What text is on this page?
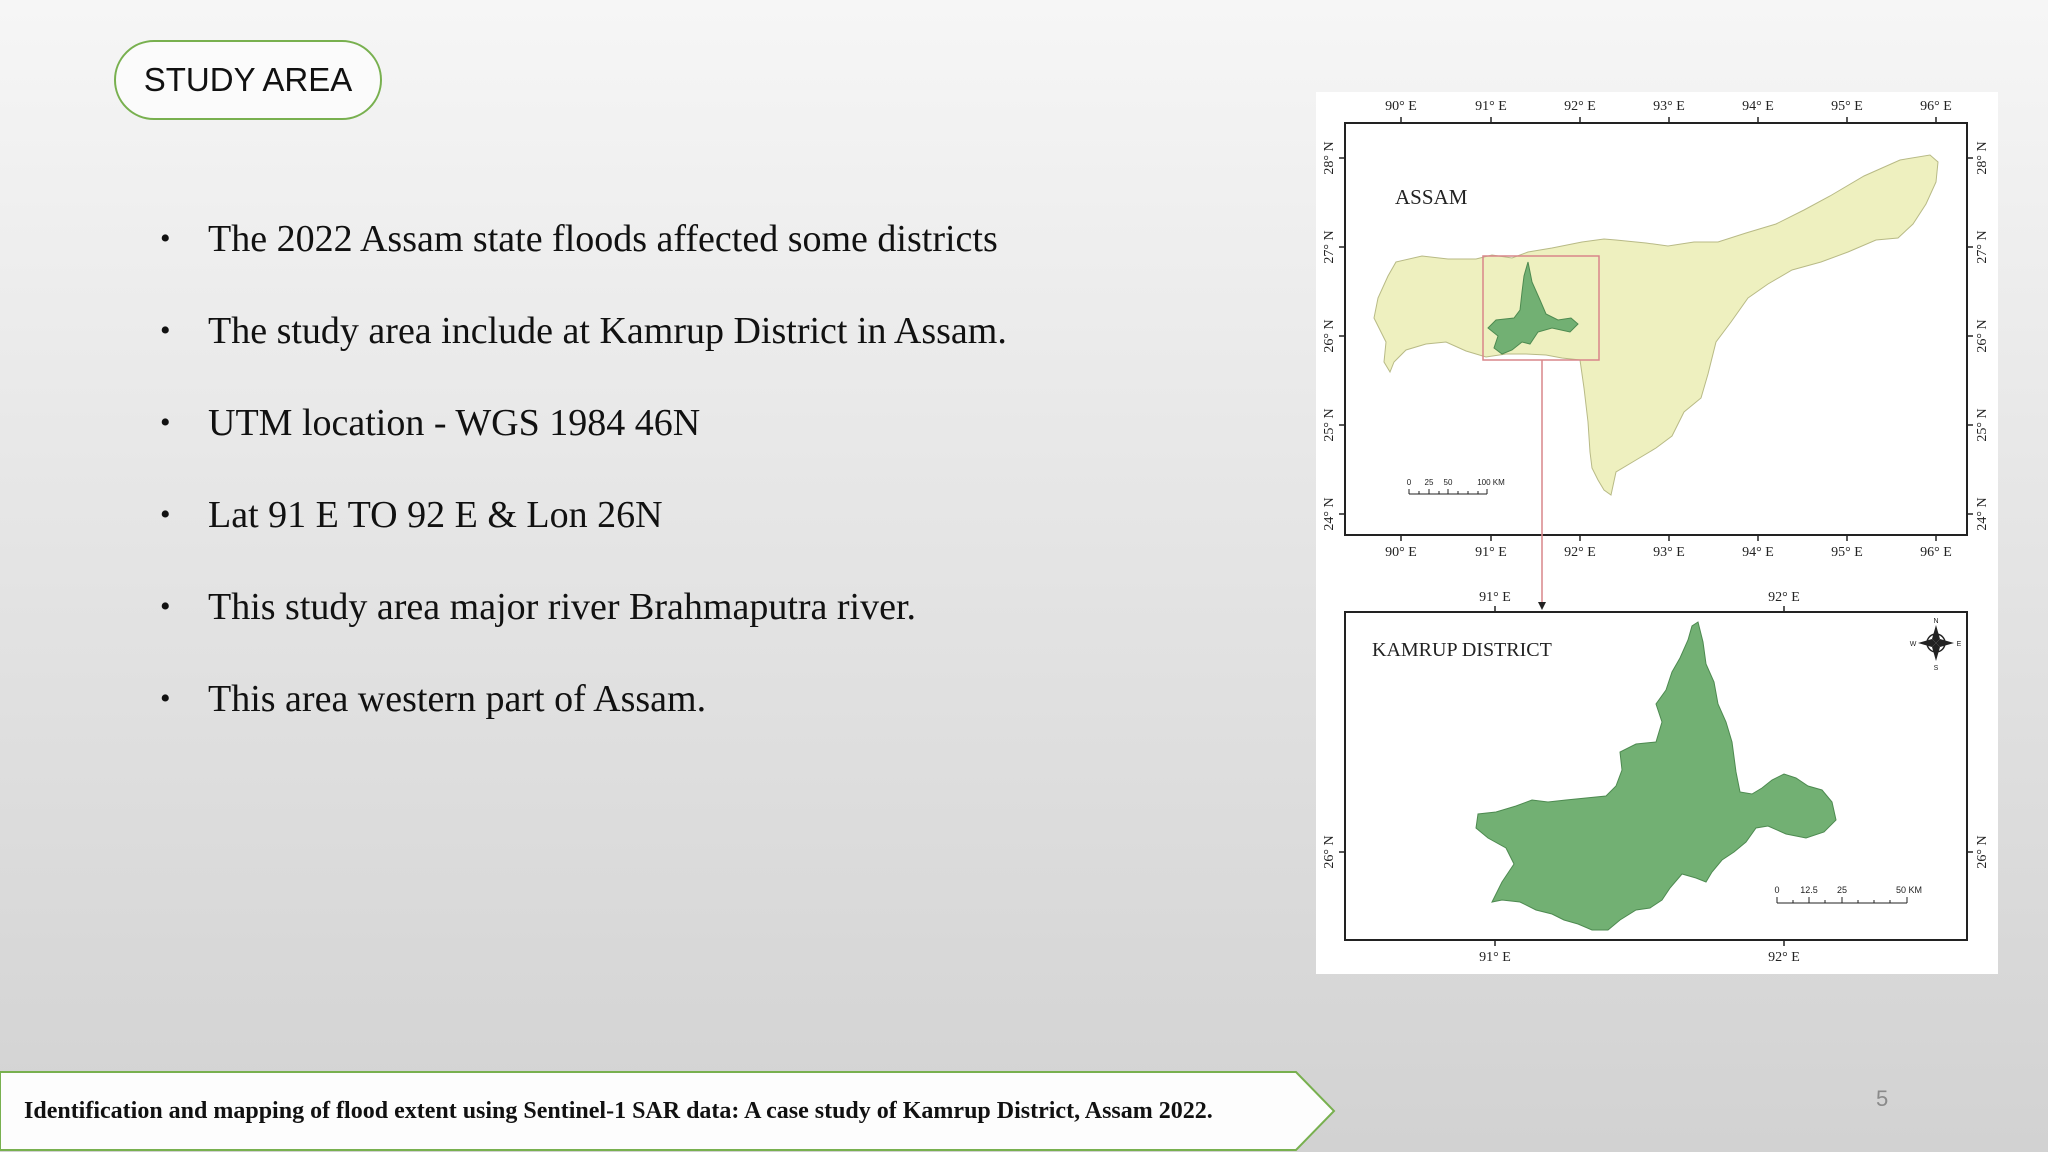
STUDY AREA
• The 2022 Assam state floods affected some districts
• The study area include at Kamrup District in Assam.
• UTM location - WGS 1984 46N
• Lat 91 E TO 92 E & Lon 26N
• This study area major river Brahmaputra river.
• This area western part of Assam.
90° E	91° E	92° E	93° E	94° E	95° E	96° E
90° E	91° E	92° E	93° E	94° E	95° E	96° E
28° N
27° N
26° N
25° N
24° N
28° N
27° N
26° N
25° N
24° N
ASSAM
0 25 50	100 KM
91° E	92° E
91° E	92° E
26° N	26° N
KAMRUP DISTRICT
N
S
W	E
0 12.5 25	50 KM
Identification and mapping of flood extent using Sentinel-1 SAR data: A case study of Kamrup District, Assam 2022.	5
